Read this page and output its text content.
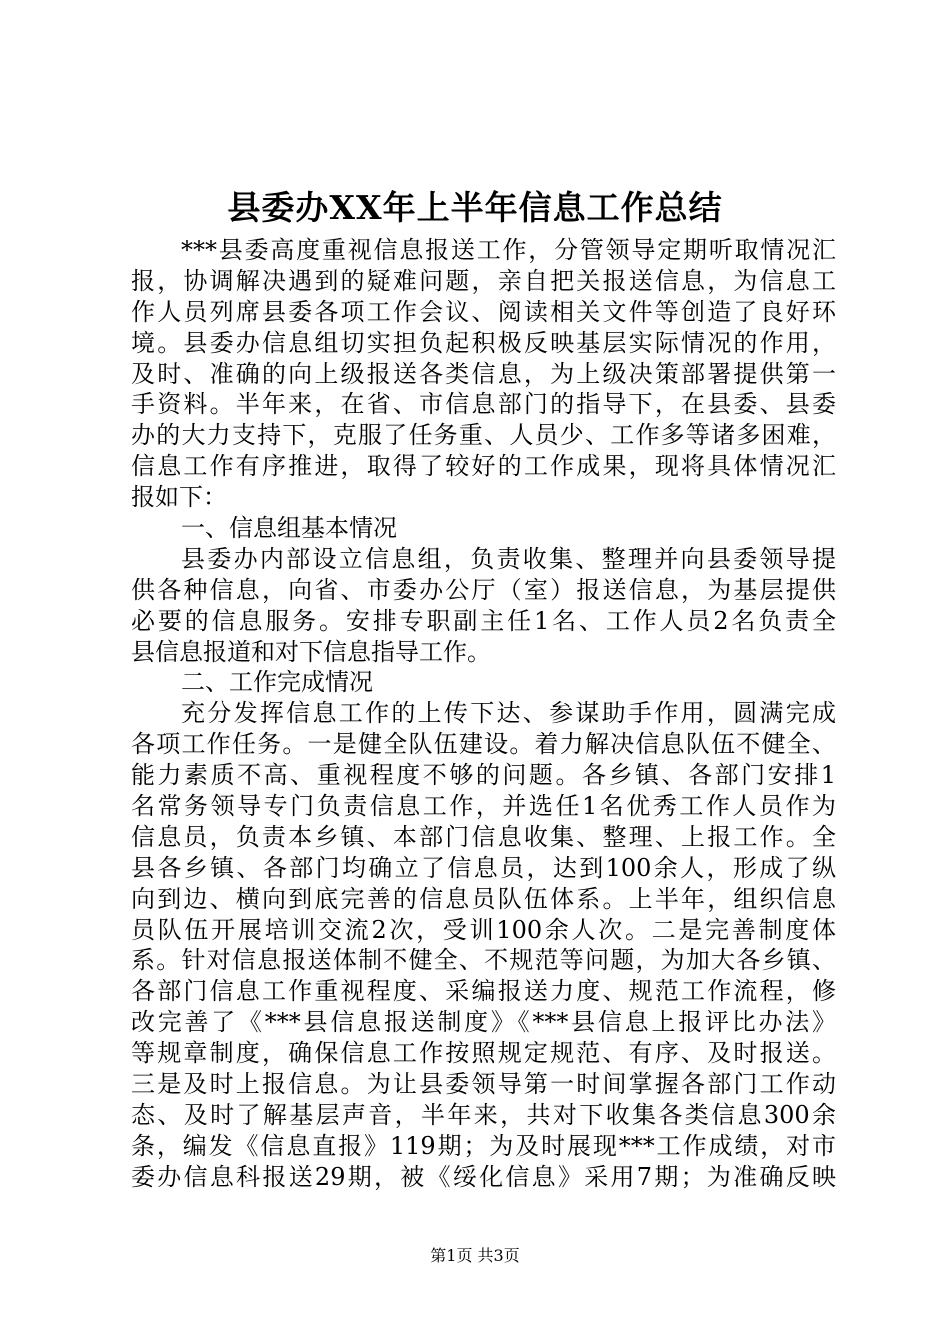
县委办XX年上半年信息工作总结
***县委高度重视信息报送工作，分管领导定期听取情况汇
报，协调解决遇到的疑难问题，亲自把关报送信息，为信息工
作人员列席县委各项工作会议、阅读相关文件等创造了良好环
境。县委办信息组切实担负起积极反映基层实际情况的作用，
及时、准确的向上级报送各类信息，为上级决策部署提供第一
手资料。半年来，在省、市信息部门的指导下，在县委、县委
办的大力支持下，克服了任务重、人员少、工作多等诸多困难，
信息工作有序推进，取得了较好的工作成果，现将具体情况汇
报如下：
一、信息组基本情况
县委办内部设立信息组，负责收集、整理并向县委领导提
供各种信息，向省、市委办公厅（室）报送信息，为基层提供
必要的信息服务。安排专职副主任1名、工作人员2名负责全
县信息报道和对下信息指导工作。
二、工作完成情况
充分发挥信息工作的上传下达、参谋助手作用，圆满完成
各项工作任务。一是健全队伍建设。着力解决信息队伍不健全、
能力素质不高、重视程度不够的问题。各乡镇、各部门安排1
名常务领导专门负责信息工作，并选任1名优秀工作人员作为
信息员，负责本乡镇、本部门信息收集、整理、上报工作。全
县各乡镇、各部门均确立了信息员，达到100余人，形成了纵
向到边、横向到底完善的信息员队伍体系。上半年，组织信息
员队伍开展培训交流2次，受训100余人次。二是完善制度体
系。针对信息报送体制不健全、不规范等问题，为加大各乡镇、
各部门信息工作重视程度、采编报送力度、规范工作流程，修
改完善了《***县信息报送制度》《***县信息上报评比办法》
等规章制度，确保信息工作按照规定规范、有序、及时报送。
三是及时上报信息。为让县委领导第一时间掌握各部门工作动
态、及时了解基层声音，半年来，共对下收集各类信息300余
条，编发《信息直报》119期；为及时展现***工作成绩，对市
委办信息科报送29期，被《绥化信息》采用7期；为准确反映
第1页 共3页
